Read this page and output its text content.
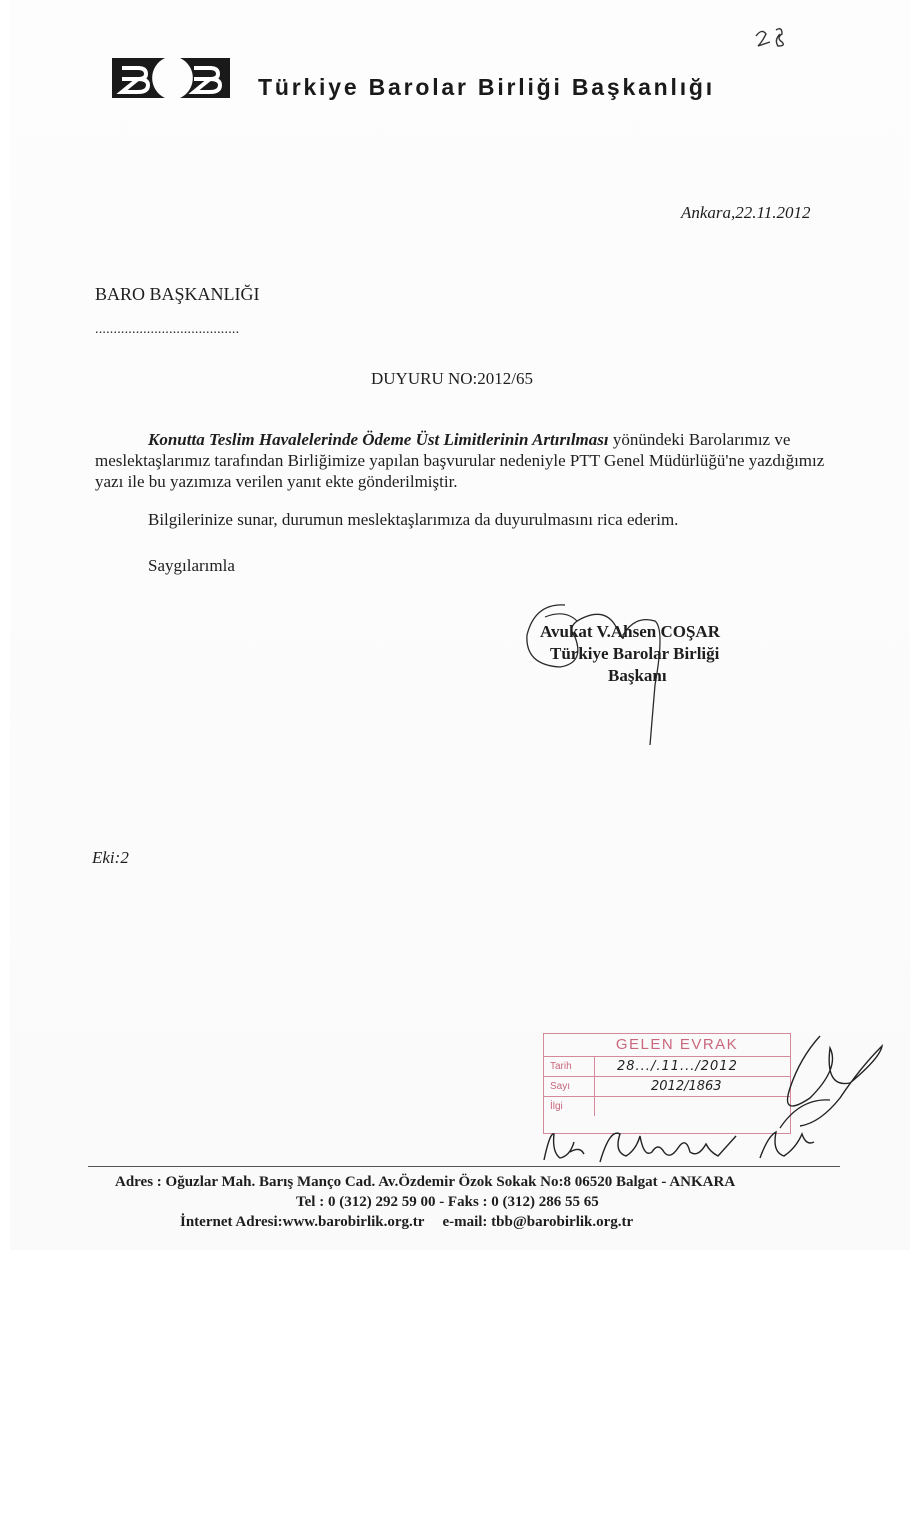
Türkiye Barolar Birliği Başkanlığı
Ankara,22.11.2012
BARO BAŞKANLIĞI
.......................................
DUYURU NO:2012/65

Konutta Teslim Havalelerinde Ödeme Üst Limitlerinin Artırılması yönündeki Barolarımız ve meslektaşlarımız tarafından Birliğimize yapılan başvurular nedeniyle PTT Genel Müdürlüğü'ne yazdığımız yazı ile bu yazımıza verilen yanıt ekte gönderilmiştir.

Bilgilerinize sunar, durumun meslektaşlarımıza da duyurulmasını rica ederim.

Saygılarımla
Avukat V.Ahsen COŞAR
Türkiye Barolar Birliği
Başkanı
Eki:2
GELEN EVRAK
Tarih	28.../.11.../2012
Sayı	2012/1863
İlgi
Adres : Oğuzlar Mah. Barış Manço Cad. Av.Özdemir Özok Sokak No:8 06520 Balgat - ANKARA
Tel : 0 (312) 292 59 00 - Faks : 0 (312) 286 55 65
İnternet Adresi:www.barobirlik.org.tr e-mail: tbb@barobirlik.org.tr
